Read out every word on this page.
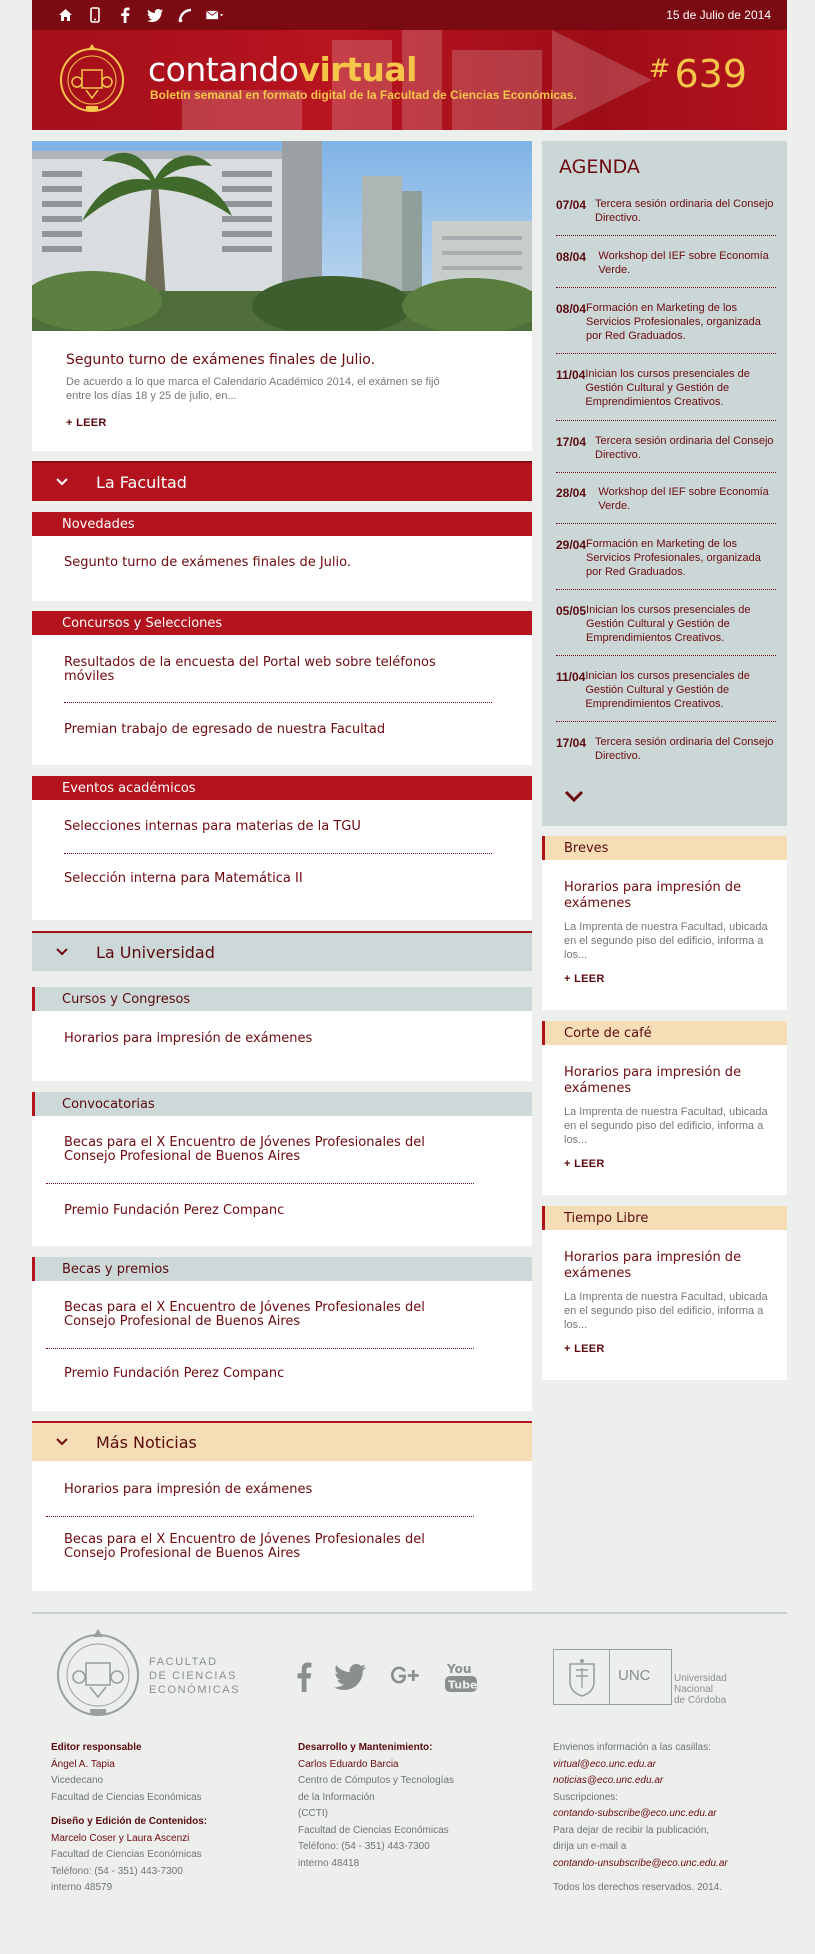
15 de Julio de 2014
contandovirtual
Boletín semanal en formato digital de la Facultad de Ciencias Económicas.
# 639
Segunto turno de exámenes finales de Julio.
De acuerdo a lo que marca el Calendario Académico 2014, el exámen se fijó entre los días 18 y 25 de julio, en...
+ LEER
La Facultad
Novedades
Segunto turno de exámenes finales de Julio.
Concursos y Selecciones
Resultados de la encuesta del Portal web sobre teléfonos móviles
Premian trabajo de egresado de nuestra Facultad
Eventos académicos
Selecciones internas para materias de la TGU
Selección interna para Matemática II
La Universidad
Cursos y Congresos
Horarios para impresión de exámenes
Convocatorias
Becas para el X Encuentro de Jóvenes Profesionales del Consejo Profesional de Buenos Aires
Premio Fundación Perez Companc
Becas y premios
Becas para el X Encuentro de Jóvenes Profesionales del Consejo Profesional de Buenos Aires
Premio Fundación Perez Companc
Más Noticias
Horarios para impresión de exámenes
Becas para el X Encuentro de Jóvenes Profesionales del Consejo Profesional de Buenos Aires
AGENDA
07/04 Tercera sesión ordinaria del Consejo Directivo.
08/04	Workshop del IEF sobre Economía Verde.
08/04 Formación en Marketing de los Servicios Profesionales, organizada por Red Graduados.
11/04 Inician los cursos presenciales de Gestión Cultural y Gestión de Emprendimientos Creativos.
17/04 Tercera sesión ordinaria del Consejo Directivo.
28/04	Workshop del IEF sobre Economía Verde.
29/04 Formación en Marketing de los Servicios Profesionales, organizada por Red Graduados.
05/05 Inician los cursos presenciales de Gestión Cultural y Gestión de Emprendimientos Creativos.
11/04 Inician los cursos presenciales de Gestión Cultural y Gestión de Emprendimientos Creativos.
17/04 Tercera sesión ordinaria del Consejo Directivo.
Breves
Horarios para impresión de exámenes
La Imprenta de nuestra Facultad, ubicada en el segundo piso del edificio, informa a los...
+ LEER
Corte de café
Horarios para impresión de exámenes
La Imprenta de nuestra Facultad, ubicada en el segundo piso del edificio, informa a los...
+ LEER
Tiempo Libre
Horarios para impresión de exámenes
La Imprenta de nuestra Facultad, ubicada en el segundo piso del edificio, informa a los...
+ LEER
FACULTAD
DE CIENCIAS
ECONÓMICAS
You
Tube
UNC Universidad
Nacional
de Córdoba
Editor responsable
Ángel A. Tapia
Vicedecano
Facultad de Ciencias Económicas
Diseño y Edición de Contenidos:
Marcelo Coser y Laura Ascenzi
Facultad de Ciencias Económicas
Teléfono: (54 - 351) 443-7300
interno 48579
Desarrollo y Mantenimiento:
Carlos Eduardo Barcia
Centro de Cómputos y Tecnologías
de la Información
(CCTI)
Facultad de Ciencias Económicas
Teléfono: (54 - 351) 443-7300
interno 48418
Envienos información a las casillas:
virtual@eco.unc.edu.ar
noticias@eco.unc.edu.ar
Suscripciones:
contando-subscribe@eco.unc.edu.ar
Para dejar de recibir la publicación,
dirija un e-mail a
contando-unsubscribe@eco.unc.edu.ar
Todos los derechos reservados. 2014.
